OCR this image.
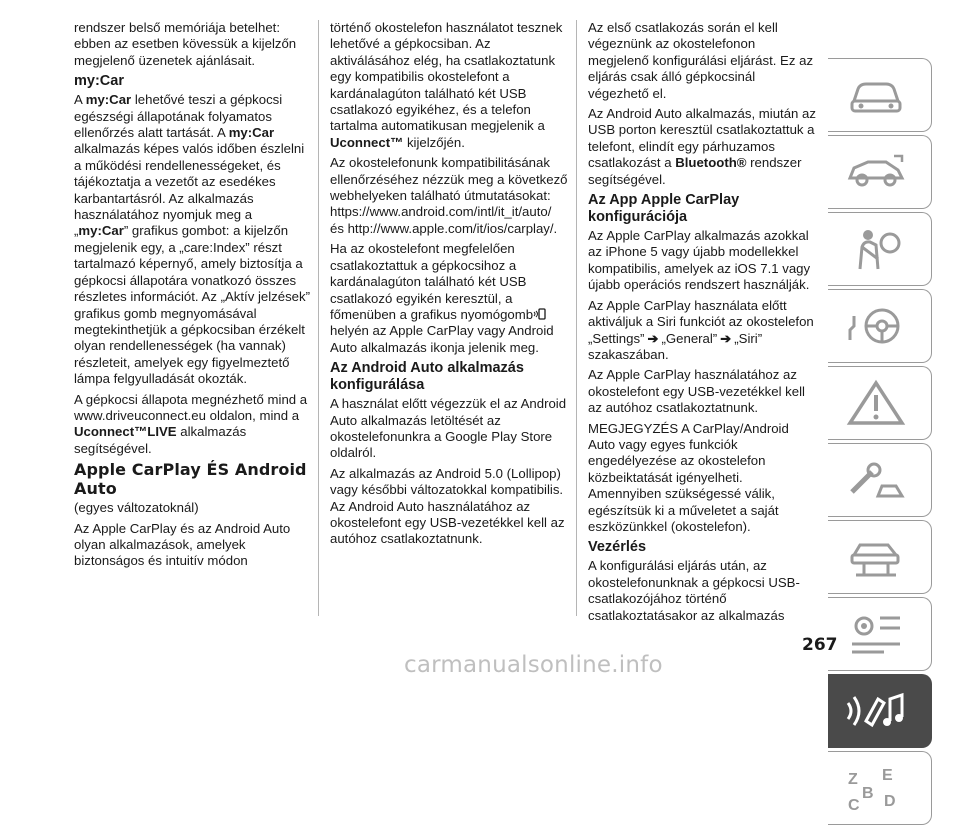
rendszer belső memóriája betelhet: ebben az esetben kövessük a kijelzőn megjelenő üzenetek ajánlásait.

my:Car

A my:Car lehetővé teszi a gépkocsi egészségi állapotának folyamatos ellenőrzés alatt tartását. A my:Car alkalmazás képes valós időben észlelni a működési rendellenességeket, és tájékoztatja a vezetőt az esedékes karbantartásról. Az alkalmazás használatához nyomjuk meg a „my:Car” grafikus gombot: a kijelzőn megjelenik egy, a „care:Index” részt tartalmazó képernyő, amely biztosítja a gépkocsi állapotára vonatkozó összes részletes információt. Az „Aktív jelzések” grafikus gomb megnyomásával megtekinthetjük a gépkocsiban érzékelt olyan rendellenességek (ha vannak) részleteit, amelyek egy figyelmeztető lámpa felgyulladását okozták.

A gépkocsi állapota megnézhető mind a www.driveuconnect.eu oldalon, mind a Uconnect™LIVE alkalmazás segítségével.

Apple CarPlay ÉS Android Auto

(egyes változatoknál)

Az Apple CarPlay és az Android Auto olyan alkalmazások, amelyek biztonságos és intuitív módon

történő okostelefon használatot tesznek lehetővé a gépkocsiban. Az aktiválásához elég, ha csatlakoztatunk egy kompatibilis okostelefont a kardánalagúton található két USB csatlakozó egyikéhez, és a telefon tartalma automatikusan megjelenik a Uconnect™ kijelzőjén.

Az okostelefonunk kompatibilitásának ellenőrzéséhez nézzük meg a következő webhelyeken található útmutatásokat: https://www.android.com/intl/it_it/auto/ és http://www.apple.com/it/ios/carplay/.

Ha az okostelefont megfelelően csatlakoztattuk a gépkocsihoz a kardánalagúton található két USB csatlakozó egyikén keresztül, a főmenüben a grafikus nyomógomb helyén az Apple CarPlay vagy Android Auto alkalmazás ikonja jelenik meg.

Az Android Auto alkalmazás konfigurálása

A használat előtt végezzük el az Android Auto alkalmazás letöltését az okostelefonunkra a Google Play Store oldalról.

Az alkalmazás az Android 5.0 (Lollipop) vagy későbbi változatokkal kompatibilis. Az Android Auto használatához az okostelefont egy USB-vezetékkel kell az autóhoz csatlakoztatnunk.

Az első csatlakozás során el kell végeznünk az okostelefonon megjelenő konfigurálási eljárást. Ez az eljárás csak álló gépkocsinál végezhető el.

Az Android Auto alkalmazás, miután az USB porton keresztül csatlakoztattuk a telefont, elindít egy párhuzamos csatlakozást a Bluetooth® rendszer segítségével.

Az App Apple CarPlay konfigurációja

Az Apple CarPlay alkalmazás azokkal az iPhone 5 vagy újabb modellekkel kompatibilis, amelyek az iOS 7.1 vagy újabb operációs rendszert használják.

Az Apple CarPlay használata előtt aktiváljuk a Siri funkciót az okostelefon
„Settings” ➔ „General” ➔ „Siri”
szakaszában.

Az Apple CarPlay használatához az okostelefont egy USB-vezetékkel kell az autóhoz csatlakoztatnunk.

MEGJEGYZÉS A CarPlay/Android Auto vagy egyes funkciók engedélyezése az okostelefon közbeiktatását igényelheti. Amennyiben szükségessé válik, egészítsük ki a műveletet a saját eszközünkkel (okostelefon).

Vezérlés

A konfigurálási eljárás után, az okostelefonunknak a gépkocsi USB-csatlakozójához történő csatlakoztatásakor az alkalmazás

Z E
B
C D
267
carmanualsonline.info
